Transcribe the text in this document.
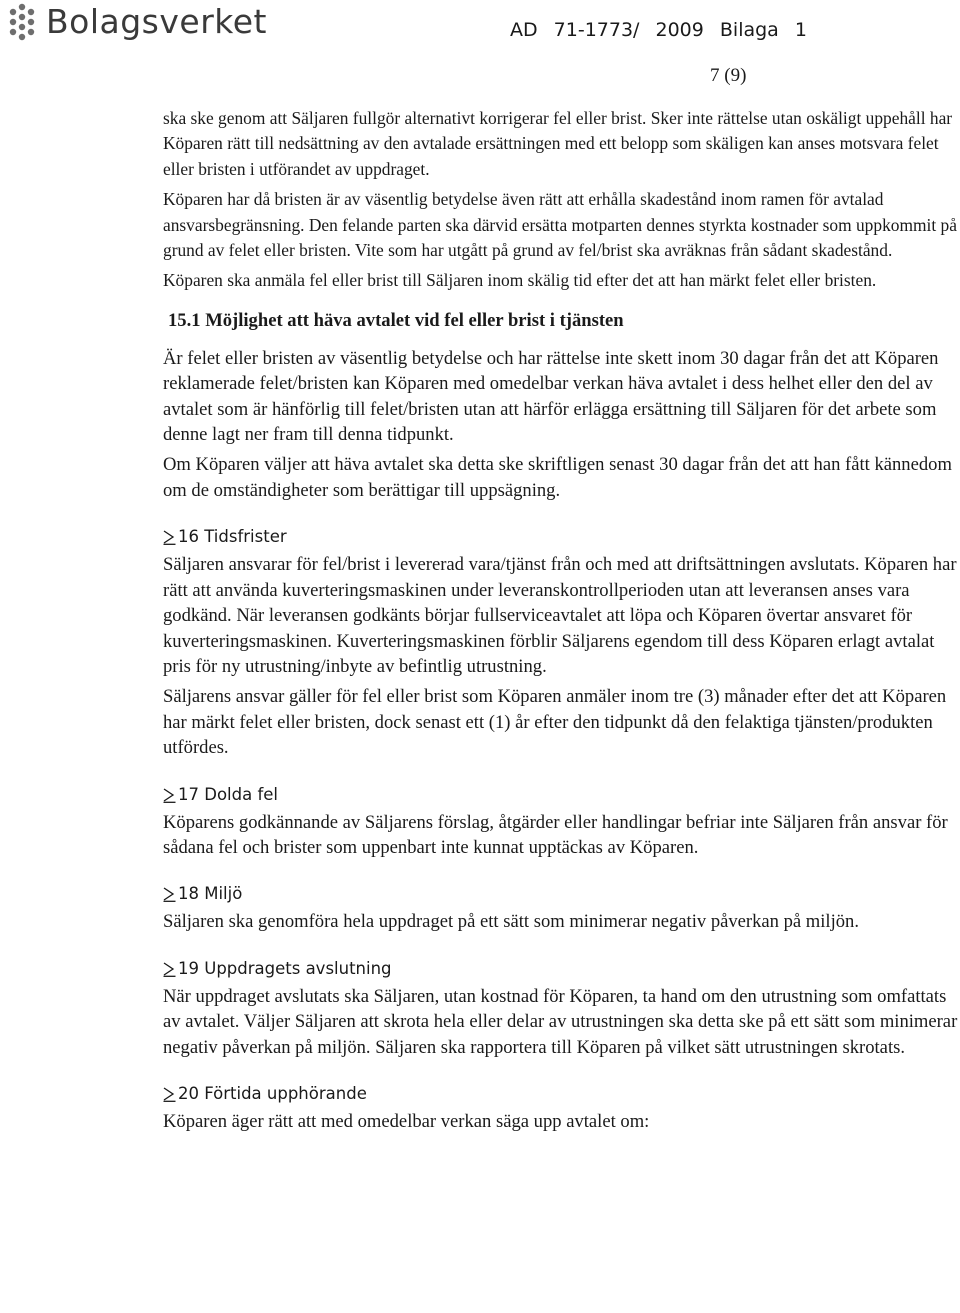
Bolagsverket	AD 71-1773/ 2009 Bilaga 1
7 (9)

ska ske genom att Säljaren fullgör alternativt korrigerar fel eller brist. Sker inte rättelse utan oskäligt uppehåll har Köparen rätt till nedsättning av den avtalade ersättningen med ett belopp som skäligen kan anses motsvara felet eller bristen i utförandet av uppdraget.

Köparen har då bristen är av väsentlig betydelse även rätt att erhålla skadestånd inom ramen för avtalad ansvarsbegränsning. Den felande parten ska därvid ersätta motparten dennes styrkta kostnader som uppkommit på grund av felet eller bristen. Vite som har utgått på grund av fel/brist ska avräknas från sådant skadestånd.

Köparen ska anmäla fel eller brist till Säljaren inom skälig tid efter det att han märkt felet eller bristen.

15.1 Möjlighet att häva avtalet vid fel eller brist i tjänsten

Är felet eller bristen av väsentlig betydelse och har rättelse inte skett inom 30 dagar från det att Köparen reklamerade felet/bristen kan Köparen med omedelbar verkan häva avtalet i dess helhet eller den del av avtalet som är hänförlig till felet/bristen utan att härför erlägga ersättning till Säljaren för det arbete som denne lagt ner fram till denna tidpunkt.

Om Köparen väljer att häva avtalet ska detta ske skriftligen senast 30 dagar från det att han fått kännedom om de omständigheter som berättigar till uppsägning.

16 Tidsfrister

Säljaren ansvarar för fel/brist i levererad vara/tjänst från och med att driftsättningen avslutats. Köparen har rätt att använda kuverteringsmaskinen under leveranskontrollperioden utan att leveransen anses vara godkänd. När leveransen godkänts börjar fullserviceavtalet att löpa och Köparen övertar ansvaret för kuverteringsmaskinen. Kuverteringsmaskinen förblir Säljarens egendom till dess Köparen erlagt avtalat pris för ny utrustning/inbyte av befintlig utrustning.

Säljarens ansvar gäller för fel eller brist som Köparen anmäler inom tre (3) månader efter det att Köparen har märkt felet eller bristen, dock senast ett (1) år efter den tidpunkt då den felaktiga tjänsten/produkten utfördes.

17 Dolda fel

Köparens godkännande av Säljarens förslag, åtgärder eller handlingar befriar inte Säljaren från ansvar för sådana fel och brister som uppenbart inte kunnat upptäckas av Köparen.

18 Miljö

Säljaren ska genomföra hela uppdraget på ett sätt som minimerar negativ påverkan på miljön.

19 Uppdragets avslutning

När uppdraget avslutats ska Säljaren, utan kostnad för Köparen, ta hand om den utrustning som omfattats av avtalet. Väljer Säljaren att skrota hela eller delar av utrustningen ska detta ske på ett sätt som minimerar negativ påverkan på miljön. Säljaren ska rapportera till Köparen på vilket sätt utrustningen skrotats.

20 Förtida upphörande

Köparen äger rätt att med omedelbar verkan säga upp avtalet om:
